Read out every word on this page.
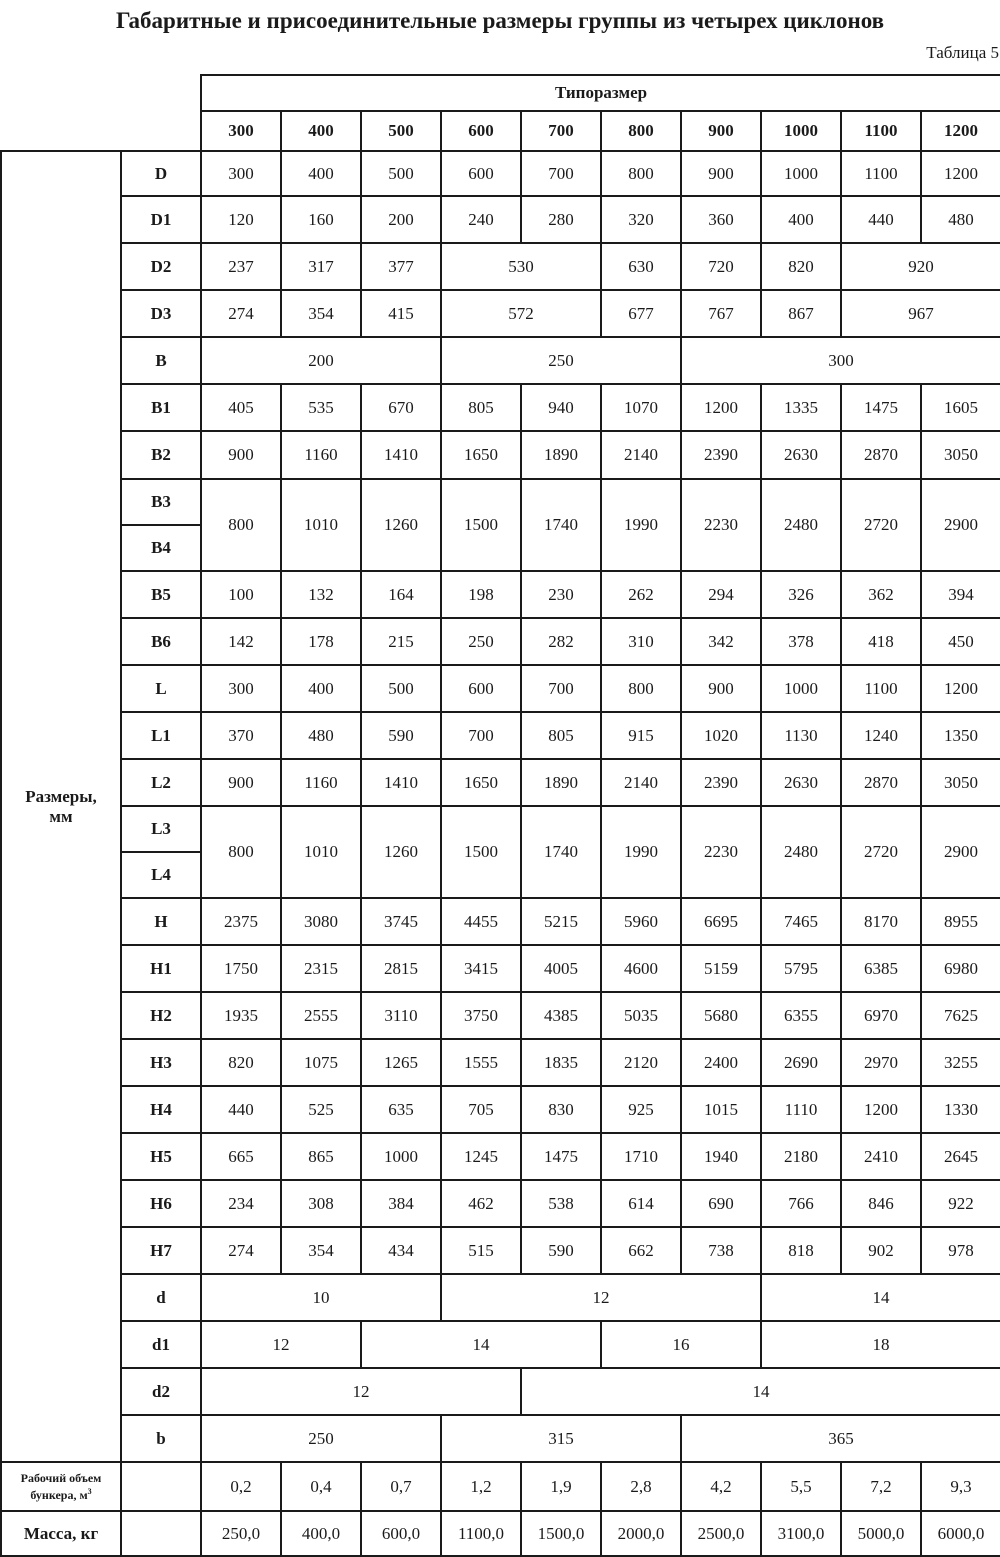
Габаритные и присоединительные размеры группы из четырех циклонов
Таблица 5
		Типоразмер									
		300	400	500	600	700	800	900	1000	1100	1200
Размеры,
мм	D	300	400	500	600	700	800	900	1000	1100	1200
	D1	120	160	200	240	280	320	360	400	440	480
	D2	237	317	377	530		630	720	820	920	
	D3	274	354	415	572		677	767	867	967	
	B	200			250			300			
	B1	405	535	670	805	940	1070	1200	1335	1475	1605
	B2	900	1160	1410	1650	1890	2140	2390	2630	2870	3050
	B3	800	1010	1260	1500	1740	1990	2230	2480	2720	2900
	B4										
	B5	100	132	164	198	230	262	294	326	362	394
	B6	142	178	215	250	282	310	342	378	418	450
	L	300	400	500	600	700	800	900	1000	1100	1200
	L1	370	480	590	700	805	915	1020	1130	1240	1350
	L2	900	1160	1410	1650	1890	2140	2390	2630	2870	3050
	L3	800	1010	1260	1500	1740	1990	2230	2480	2720	2900
	L4										
	H	2375	3080	3745	4455	5215	5960	6695	7465	8170	8955
	H1	1750	2315	2815	3415	4005	4600	5159	5795	6385	6980
	H2	1935	2555	3110	3750	4385	5035	5680	6355	6970	7625
	H3	820	1075	1265	1555	1835	2120	2400	2690	2970	3255
	H4	440	525	635	705	830	925	1015	1110	1200	1330
	H5	665	865	1000	1245	1475	1710	1940	2180	2410	2645
	H6	234	308	384	462	538	614	690	766	846	922
	H7	274	354	434	515	590	662	738	818	902	978
	d	10			12				14		
	d1	12		14			16		18		
	d2	12				14					
	b	250			315			365			
Рабочий объем
бункера, $м^3$		0,2	0,4	0,7	1,2	1,9	2,8	4,2	5,5	7,2	9,3
Масса, кг		250,0	400,0	600,0	1100,0	1500,0	2000,0	2500,0	3100,0	5000,0	6000,0
